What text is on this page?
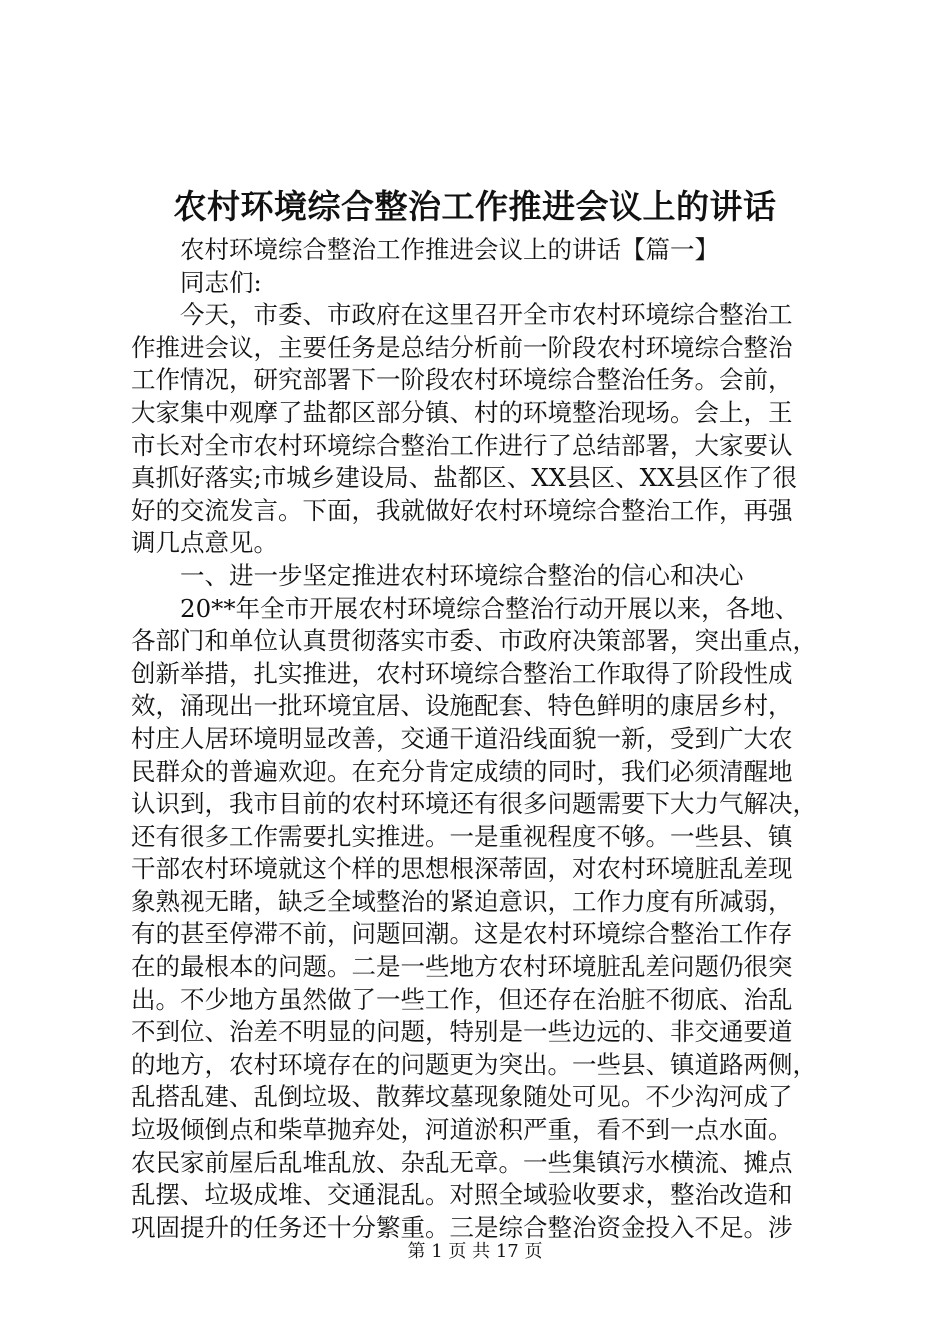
农村环境综合整治工作推进会议上的讲话
农村环境综合整治工作推进会议上的讲话【篇一】
同志们:
今天，市委、市政府在这里召开全市农村环境综合整治工
作推进会议，主要任务是总结分析前一阶段农村环境综合整治
工作情况，研究部署下一阶段农村环境综合整治任务。会前，
大家集中观摩了盐都区部分镇、村的环境整治现场。会上，王
市长对全市农村环境综合整治工作进行了总结部署，大家要认
真抓好落实;市城乡建设局、盐都区、XX县区、XX县区作了很
好的交流发言。下面，我就做好农村环境综合整治工作，再强
调几点意见。
一、进一步坚定推进农村环境综合整治的信心和决心
20**年全市开展农村环境综合整治行动开展以来，各地、
各部门和单位认真贯彻落实市委、市政府决策部署，突出重点，
创新举措，扎实推进，农村环境综合整治工作取得了阶段性成
效，涌现出一批环境宜居、设施配套、特色鲜明的康居乡村，
村庄人居环境明显改善，交通干道沿线面貌一新，受到广大农
民群众的普遍欢迎。在充分肯定成绩的同时，我们必须清醒地
认识到，我市目前的农村环境还有很多问题需要下大力气解决，
还有很多工作需要扎实推进。一是重视程度不够。一些县、镇
干部农村环境就这个样的思想根深蒂固，对农村环境脏乱差现
象熟视无睹，缺乏全域整治的紧迫意识，工作力度有所减弱，
有的甚至停滞不前，问题回潮。这是农村环境综合整治工作存
在的最根本的问题。二是一些地方农村环境脏乱差问题仍很突
出。不少地方虽然做了一些工作，但还存在治脏不彻底、治乱
不到位、治差不明显的问题，特别是一些边远的、非交通要道
的地方，农村环境存在的问题更为突出。一些县、镇道路两侧，
乱搭乱建、乱倒垃圾、散葬坟墓现象随处可见。不少沟河成了
垃圾倾倒点和柴草抛弃处，河道淤积严重，看不到一点水面。
农民家前屋后乱堆乱放、杂乱无章。一些集镇污水横流、摊点
乱摆、垃圾成堆、交通混乱。对照全域验收要求，整治改造和
巩固提升的任务还十分繁重。三是综合整治资金投入不足。涉
第 1 页 共 17 页
